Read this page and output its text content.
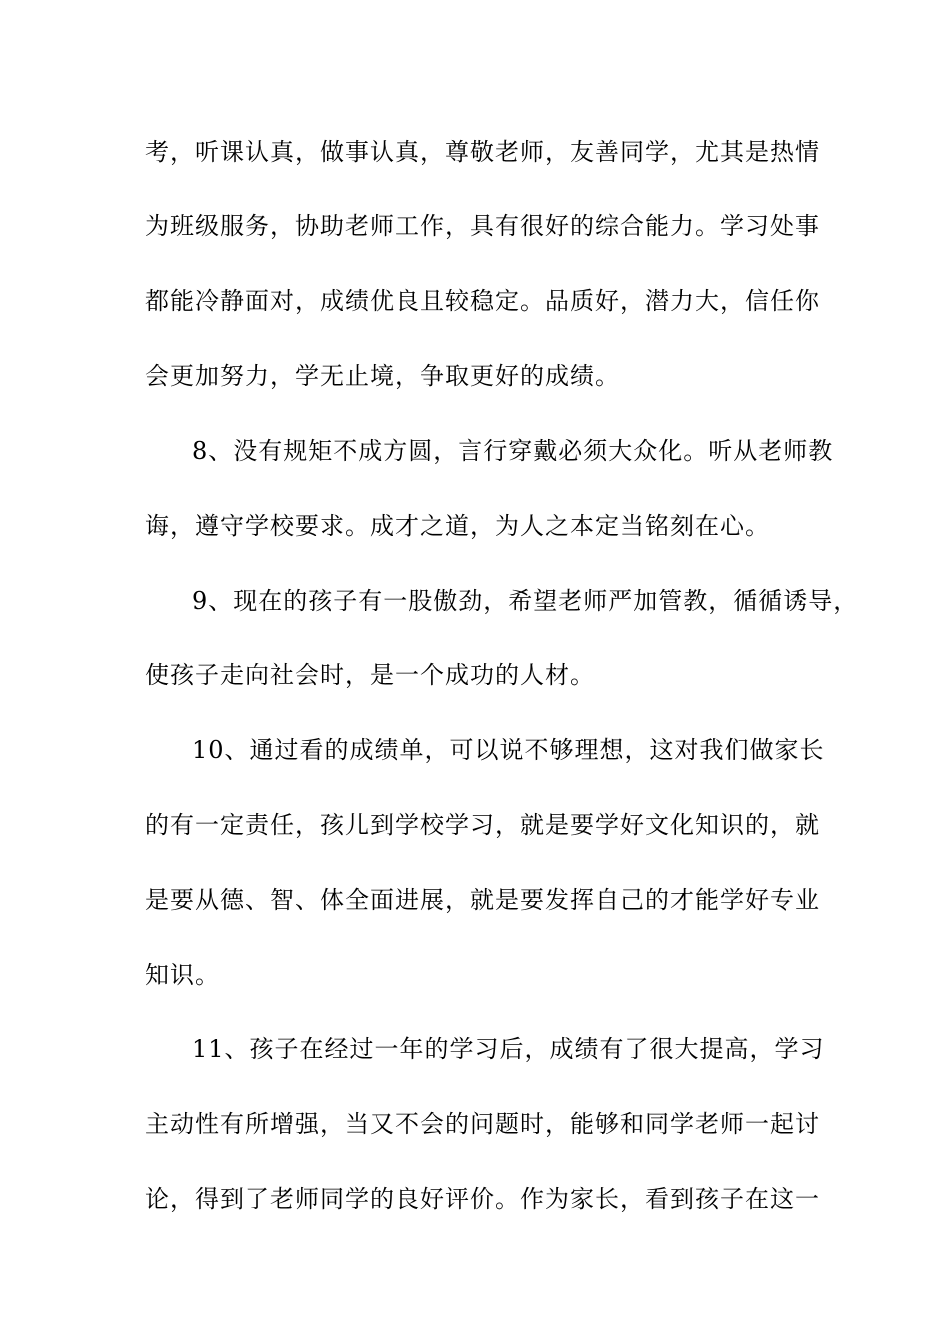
考，听课认真，做事认真，尊敬老师，友善同学，尤其是热情
为班级服务，协助老师工作，具有很好的综合能力。学习处事
都能冷静面对，成绩优良且较稳定。品质好，潜力大，信任你
会更加努力，学无止境，争取更好的成绩。
8、没有规矩不成方圆，言行穿戴必须大众化。听从老师教
诲，遵守学校要求。成才之道，为人之本定当铭刻在心。
9、现在的孩子有一股傲劲，希望老师严加管教，循循诱导，
使孩子走向社会时，是一个成功的人材。
10、通过看的成绩单，可以说不够理想，这对我们做家长
的有一定责任，孩儿到学校学习，就是要学好文化知识的，就
是要从德、智、体全面进展，就是要发挥自己的才能学好专业
知识。
11、孩子在经过一年的学习后，成绩有了很大提高，学习
主动性有所增强，当又不会的问题时，能够和同学老师一起讨
论，得到了老师同学的良好评价。作为家长，看到孩子在这一
